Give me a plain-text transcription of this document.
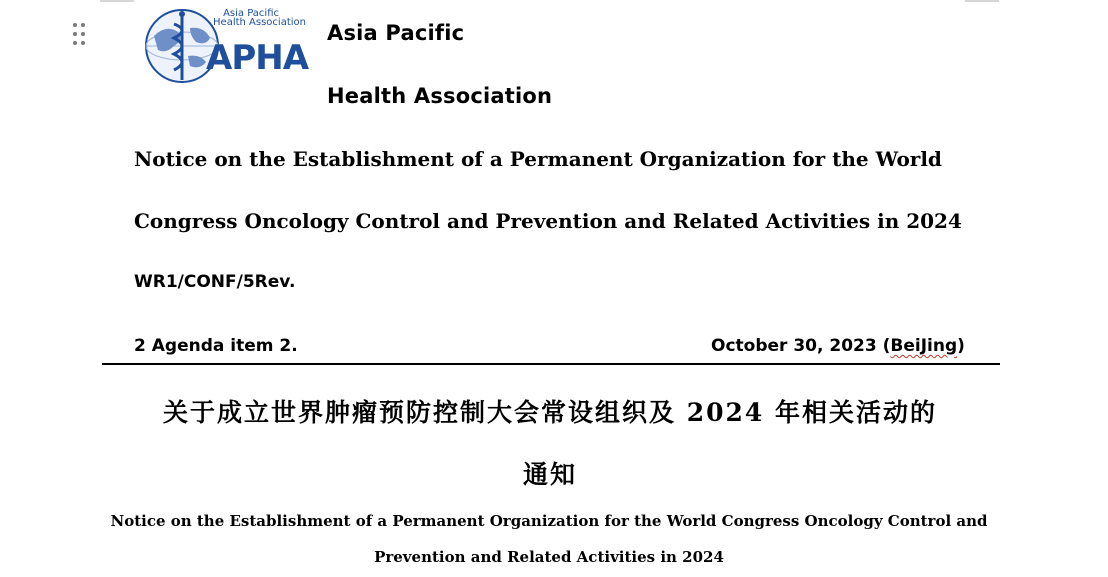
Asia Pacific
Health Association
APHA
Asia Pacific
Health Association
Notice on the Establishment of a Permanent Organization for the World
Congress Oncology Control and Prevention and Related Activities in 2024
WR1/CONF/5Rev.
2 Agenda item 2.	October 30, 2023 (BeiJing)
关于成立世界肿瘤预防控制大会常设组织及 2024 年相关活动的
通知
Notice on the Establishment of a Permanent Organization for the World Congress Oncology Control and
Prevention and Related Activities in 2024
